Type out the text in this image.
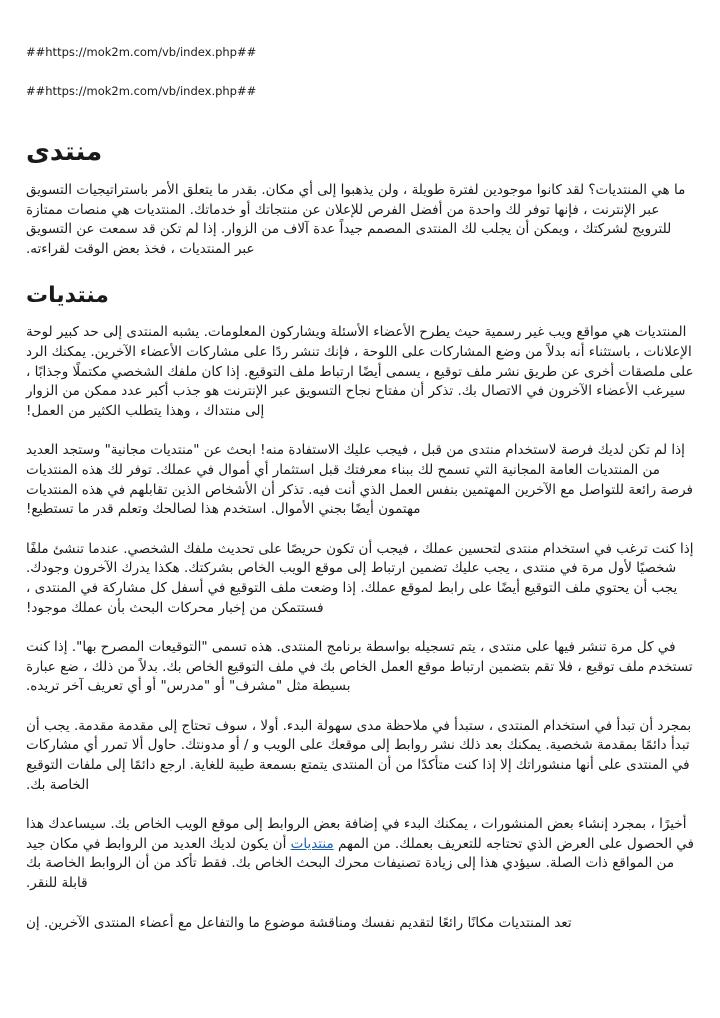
##https://mok2m.com/vb/index.php##
##https://mok2m.com/vb/index.php##
منتدى

ما هي المنتديات؟ لقد كانوا موجودين لفترة طويلة ، ولن يذهبوا إلى أي مكان. بقدر ما يتعلق الأمر باستراتيجيات التسويق عبر الإنترنت ، فإنها توفر لك واحدة من أفضل الفرص للإعلان عن منتجاتك أو خدماتك. المنتديات هي منصات ممتازة للترويج لشركتك ، ويمكن أن يجلب لك المنتدى المصمم جيداً عدة آلاف من الزوار. إذا لم تكن قد سمعت عن التسويق عبر المنتديات ، فخذ بعض الوقت لقراءته.

منتديات

المنتديات هي مواقع ويب غير رسمية حيث يطرح الأعضاء الأسئلة ويشاركون المعلومات. يشبه المنتدى إلى حد كبير لوحة الإعلانات ، باستثناء أنه بدلاً من وضع المشاركات على اللوحة ، فإنك تنشر ردًا على مشاركات الأعضاء الآخرين. يمكنك الرد على ملصقات أخرى عن طريق نشر ملف توقيع ، يسمى أيضًا ارتباط ملف التوقيع. إذا كان ملفك الشخصي مكتملًا وجذابًا ، سيرغب الأعضاء الآخرون في الاتصال بك. تذكر أن مفتاح نجاح التسويق عبر الإنترنت هو جذب أكبر عدد ممكن من الزوار إلى منتداك ، وهذا يتطلب الكثير من العمل!

إذا لم تكن لديك فرصة لاستخدام منتدى من قبل ، فيجب عليك الاستفادة منه! ابحث عن "منتديات مجانية" وستجد العديد من المنتديات العامة المجانية التي تسمح لك ببناء معرفتك قبل استثمار أي أموال في عملك. توفر لك هذه المنتديات فرصة رائعة للتواصل مع الآخرين المهتمين بنفس العمل الذي أنت فيه. تذكر أن الأشخاص الذين تقابلهم في هذه المنتديات مهتمون أيضًا بجني الأموال. استخدم هذا لصالحك وتعلم قدر ما تستطيع!

إذا كنت ترغب في استخدام منتدى لتحسين عملك ، فيجب أن تكون حريصًا على تحديث ملفك الشخصي. عندما تنشئ ملفًا شخصيًا لأول مرة في منتدى ، يجب عليك تضمين ارتباط إلى موقع الويب الخاص بشركتك. هكذا يدرك الآخرون وجودك. يجب أن يحتوي ملف التوقيع أيضًا على رابط لموقع عملك. إذا وضعت ملف التوقيع في أسفل كل مشاركة في المنتدى ، فستتمكن من إخبار محركات البحث بأن عملك موجود!

في كل مرة تنشر فيها على منتدى ، يتم تسجيله بواسطة برنامج المنتدى. هذه تسمى "التوقيعات المصرح بها". إذا كنت تستخدم ملف توقيع ، فلا تقم بتضمين ارتباط موقع العمل الخاص بك في ملف التوقيع الخاص بك. بدلاً من ذلك ، ضع عبارة بسيطة مثل "مشرف" أو "مدرس" أو أي تعريف آخر تريده.

بمجرد أن تبدأ في استخدام المنتدى ، ستبدأ في ملاحظة مدى سهولة البدء. أولا ، سوف تحتاج إلى مقدمة مقدمة. يجب أن تبدأ دائمًا بمقدمة شخصية. يمكنك بعد ذلك نشر روابط إلى موقعك على الويب و / أو مدونتك. حاول ألا تمرر أي مشاركات في المنتدى على أنها منشوراتك إلا إذا كنت متأكدًا من أن المنتدى يتمتع بسمعة طيبة للغاية. ارجع دائمًا إلى ملفات التوقيع الخاصة بك.

أخيرًا ، بمجرد إنشاء بعض المنشورات ، يمكنك البدء في إضافة بعض الروابط إلى موقع الويب الخاص بك. سيساعدك هذا في الحصول على العرض الذي تحتاجه للتعريف بعملك. من المهم منتديات أن يكون لديك العديد من الروابط في مكان جيد من المواقع ذات الصلة. سيؤدي هذا إلى زيادة تصنيفات محرك البحث الخاص بك. فقط تأكد من أن الروابط الخاصة بك قابلة للنقر.

تعد المنتديات مكانًا رائعًا لتقديم نفسك ومناقشة موضوع ما والتفاعل مع أعضاء المنتدى الآخرين. إن
